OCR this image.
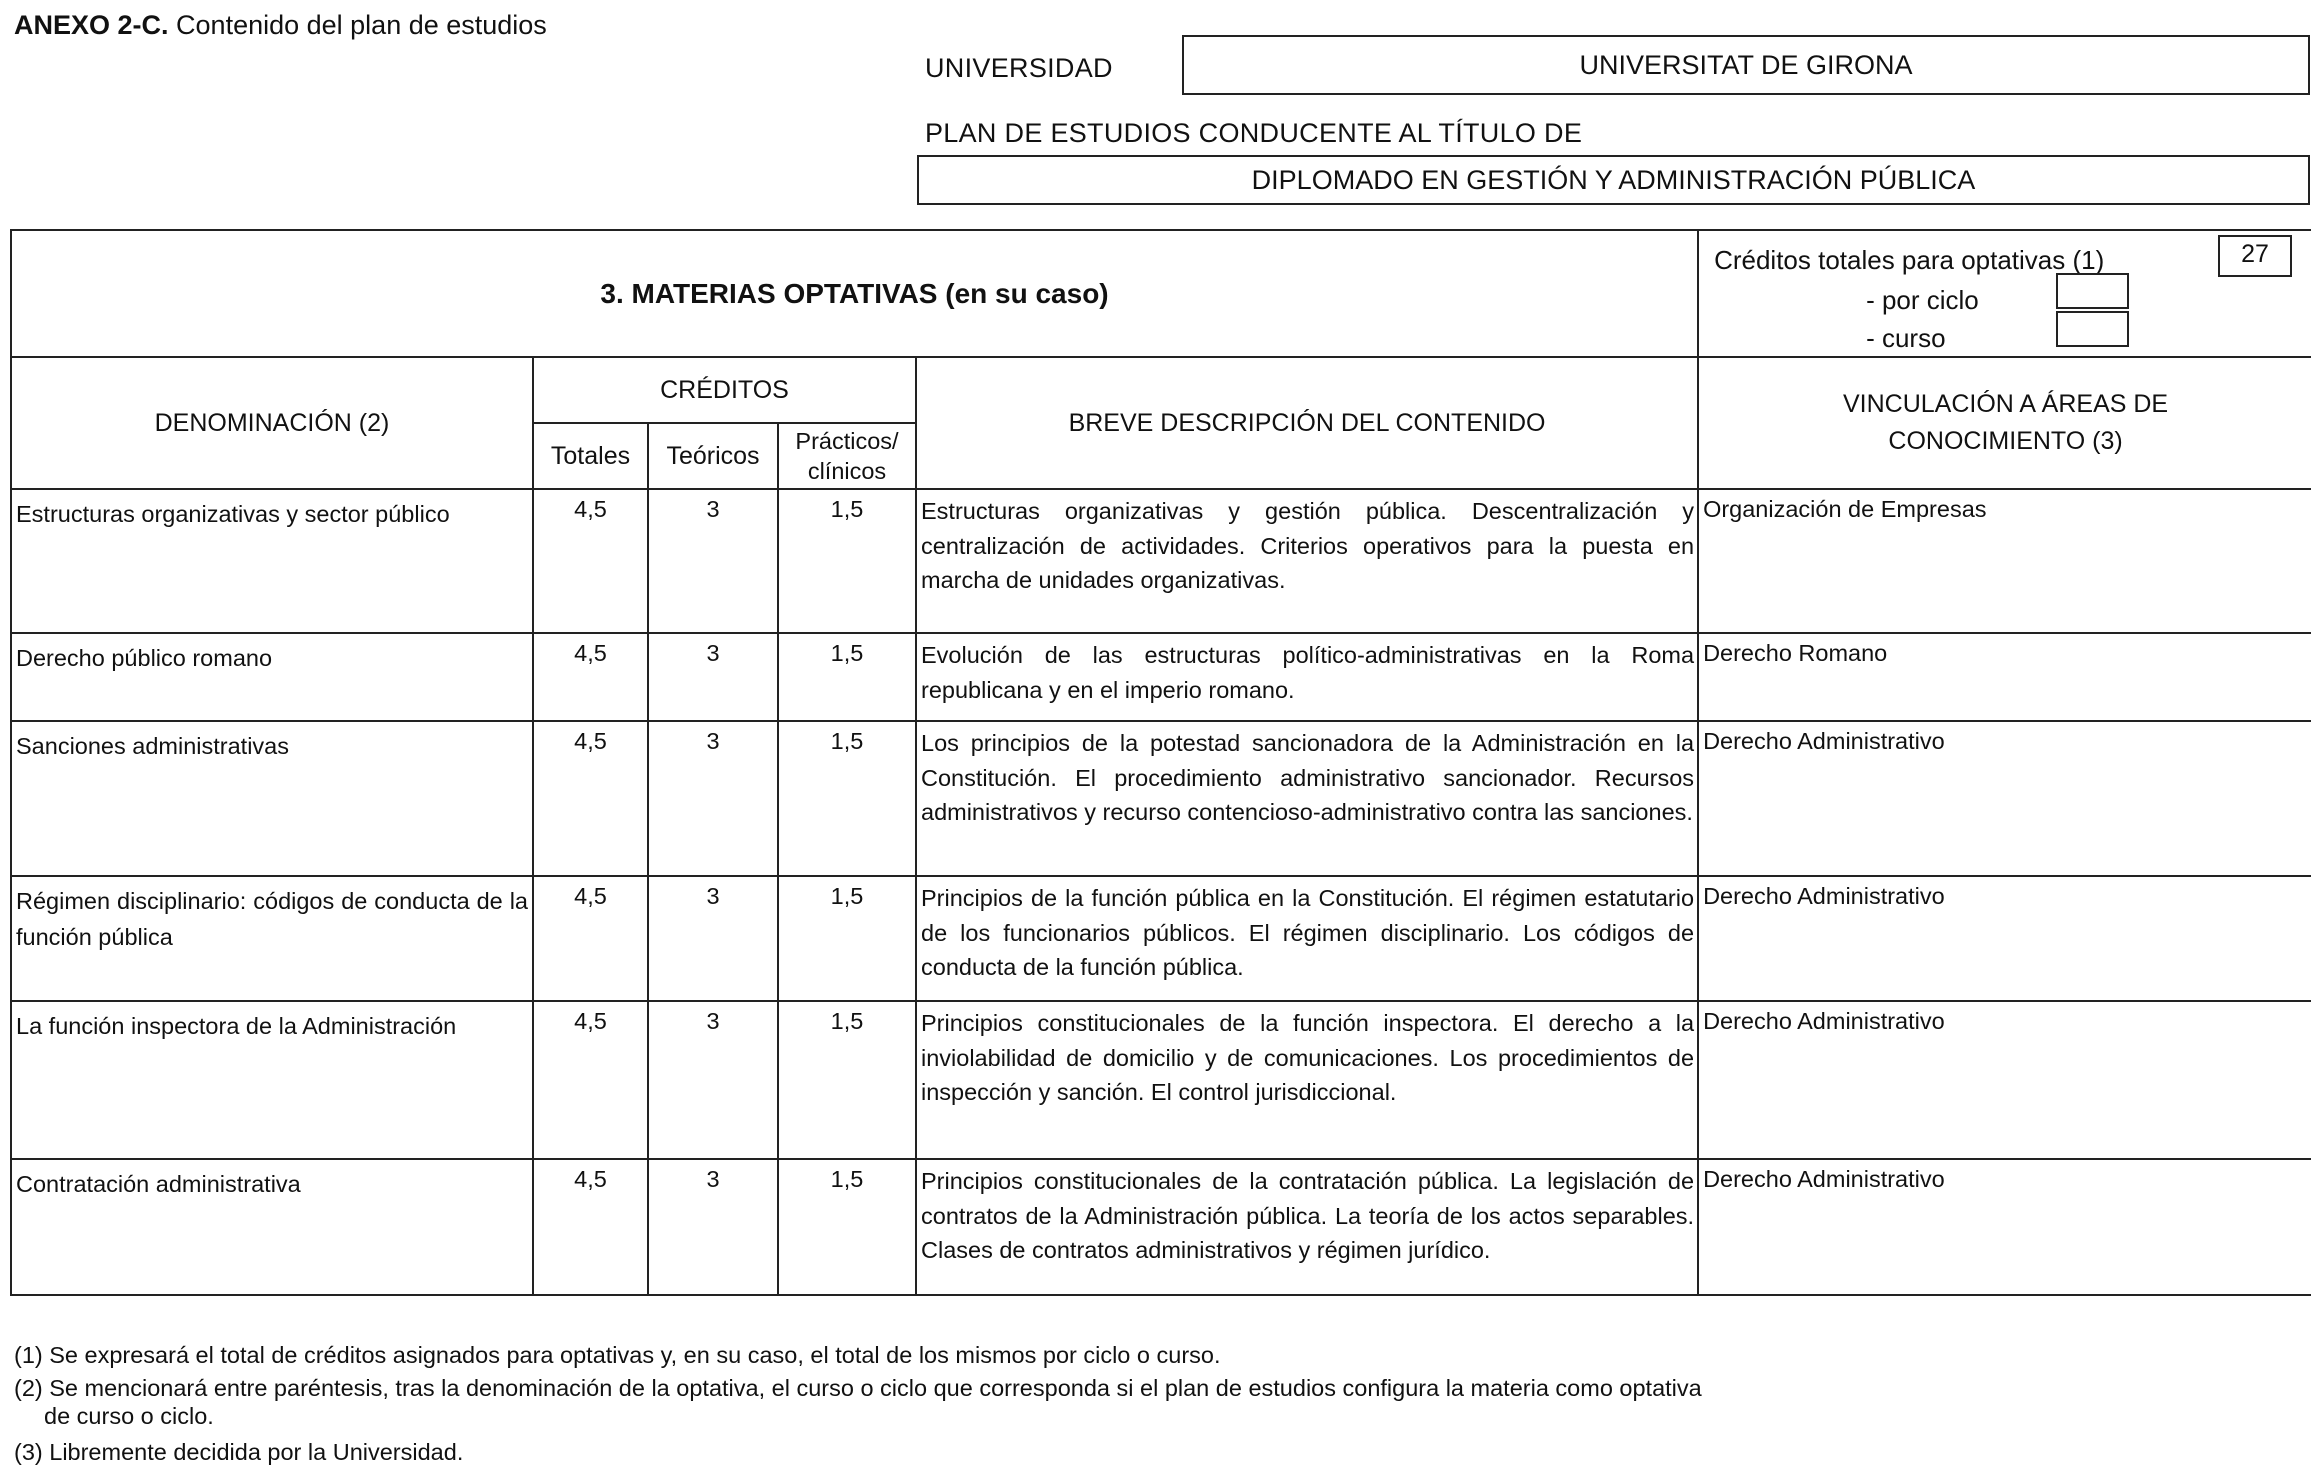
ANEXO 2-C. Contenido del plan de estudios
UNIVERSIDAD	UNIVERSITAT DE GIRONA
PLAN DE ESTUDIOS CONDUCENTE AL TÍTULO DE
DIPLOMADO EN GESTIÓN Y ADMINISTRACIÓN PÚBLICA
3. MATERIAS OPTATIVAS (en su caso)					Créditos totales para optativas (1) 27
- por ciclo
- curso

DENOMINACIÓN (2)	CRÉDITOS			BREVE DESCRIPCIÓN DEL CONTENIDO	VINCULACIÓN A ÁREAS DE
CONOCIMIENTO (3)

	Totales	Teóricos	Prácticos/
clínicos		

Estructuras organizativas y sector público	4,5	3	1,5	Estructuras organizativas y gestión pública. Descentralización y centralización de actividades. Criterios operativos para la puesta en marcha de unidades organizativas.	Organización de Empresas
Derecho público romano	4,5	3	1,5	Evolución de las estructuras político-administrativas en la Roma republicana y en el imperio romano.	Derecho Romano
Sanciones administrativas	4,5	3	1,5	Los principios de la potestad sancionadora de la Administración en la Constitución. El procedimiento administrativo sancionador. Recursos administrativos y recurso contencioso-administrativo contra las sanciones.	Derecho Administrativo
Régimen disciplinario: códigos de conducta de la función pública	4,5	3	1,5	Principios de la función pública en la Constitución. El régimen estatutario de los funcionarios públicos. El régimen disciplinario. Los códigos de conducta de la función pública.	Derecho Administrativo
La función inspectora de la Administración	4,5	3	1,5	Principios constitucionales de la función inspectora. El derecho a la inviolabilidad de domicilio y de comunicaciones. Los procedimientos de inspección y sanción. El control jurisdiccional.	Derecho Administrativo
Contratación administrativa	4,5	3	1,5	Principios constitucionales de la contratación pública. La legislación de contratos de la Administración pública. La teoría de los actos separables. Clases de contratos administrativos y régimen jurídico.	Derecho Administrativo
(1) Se expresará el total de créditos asignados para optativas y, en su caso, el total de los mismos por ciclo o curso.
(2) Se mencionará entre paréntesis, tras la denominación de la optativa, el curso o ciclo que corresponda si el plan de estudios configura la materia como optativa
de curso o ciclo.
(3) Libremente decidida por la Universidad.
